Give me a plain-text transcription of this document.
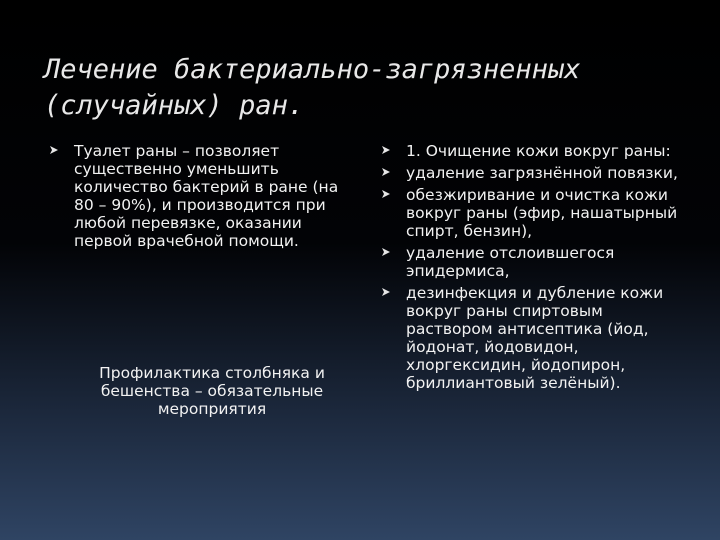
Лечение бактериально-загрязненных (случайных) ран.
Туалет раны – позволяет существенно уменьшить количество бактерий в ране (на 80 – 90%), и производится при любой перевязке, оказании первой врачебной помощи.
Профилактика столбняка и бешенства – обязательные мероприятия
1. Очищение кожи вокруг раны:
удаление загрязнённой повязки,
обезжиривание и очистка кожи вокруг раны (эфир, нашатырный спирт, бензин),
удаление отслоившегося эпидермиса,
дезинфекция и дубление кожи вокруг раны спиртовым раствором антисептика (йод, йодонат, йодовидон, хлоргексидин, йодопирон, бриллиантовый зелёный).
